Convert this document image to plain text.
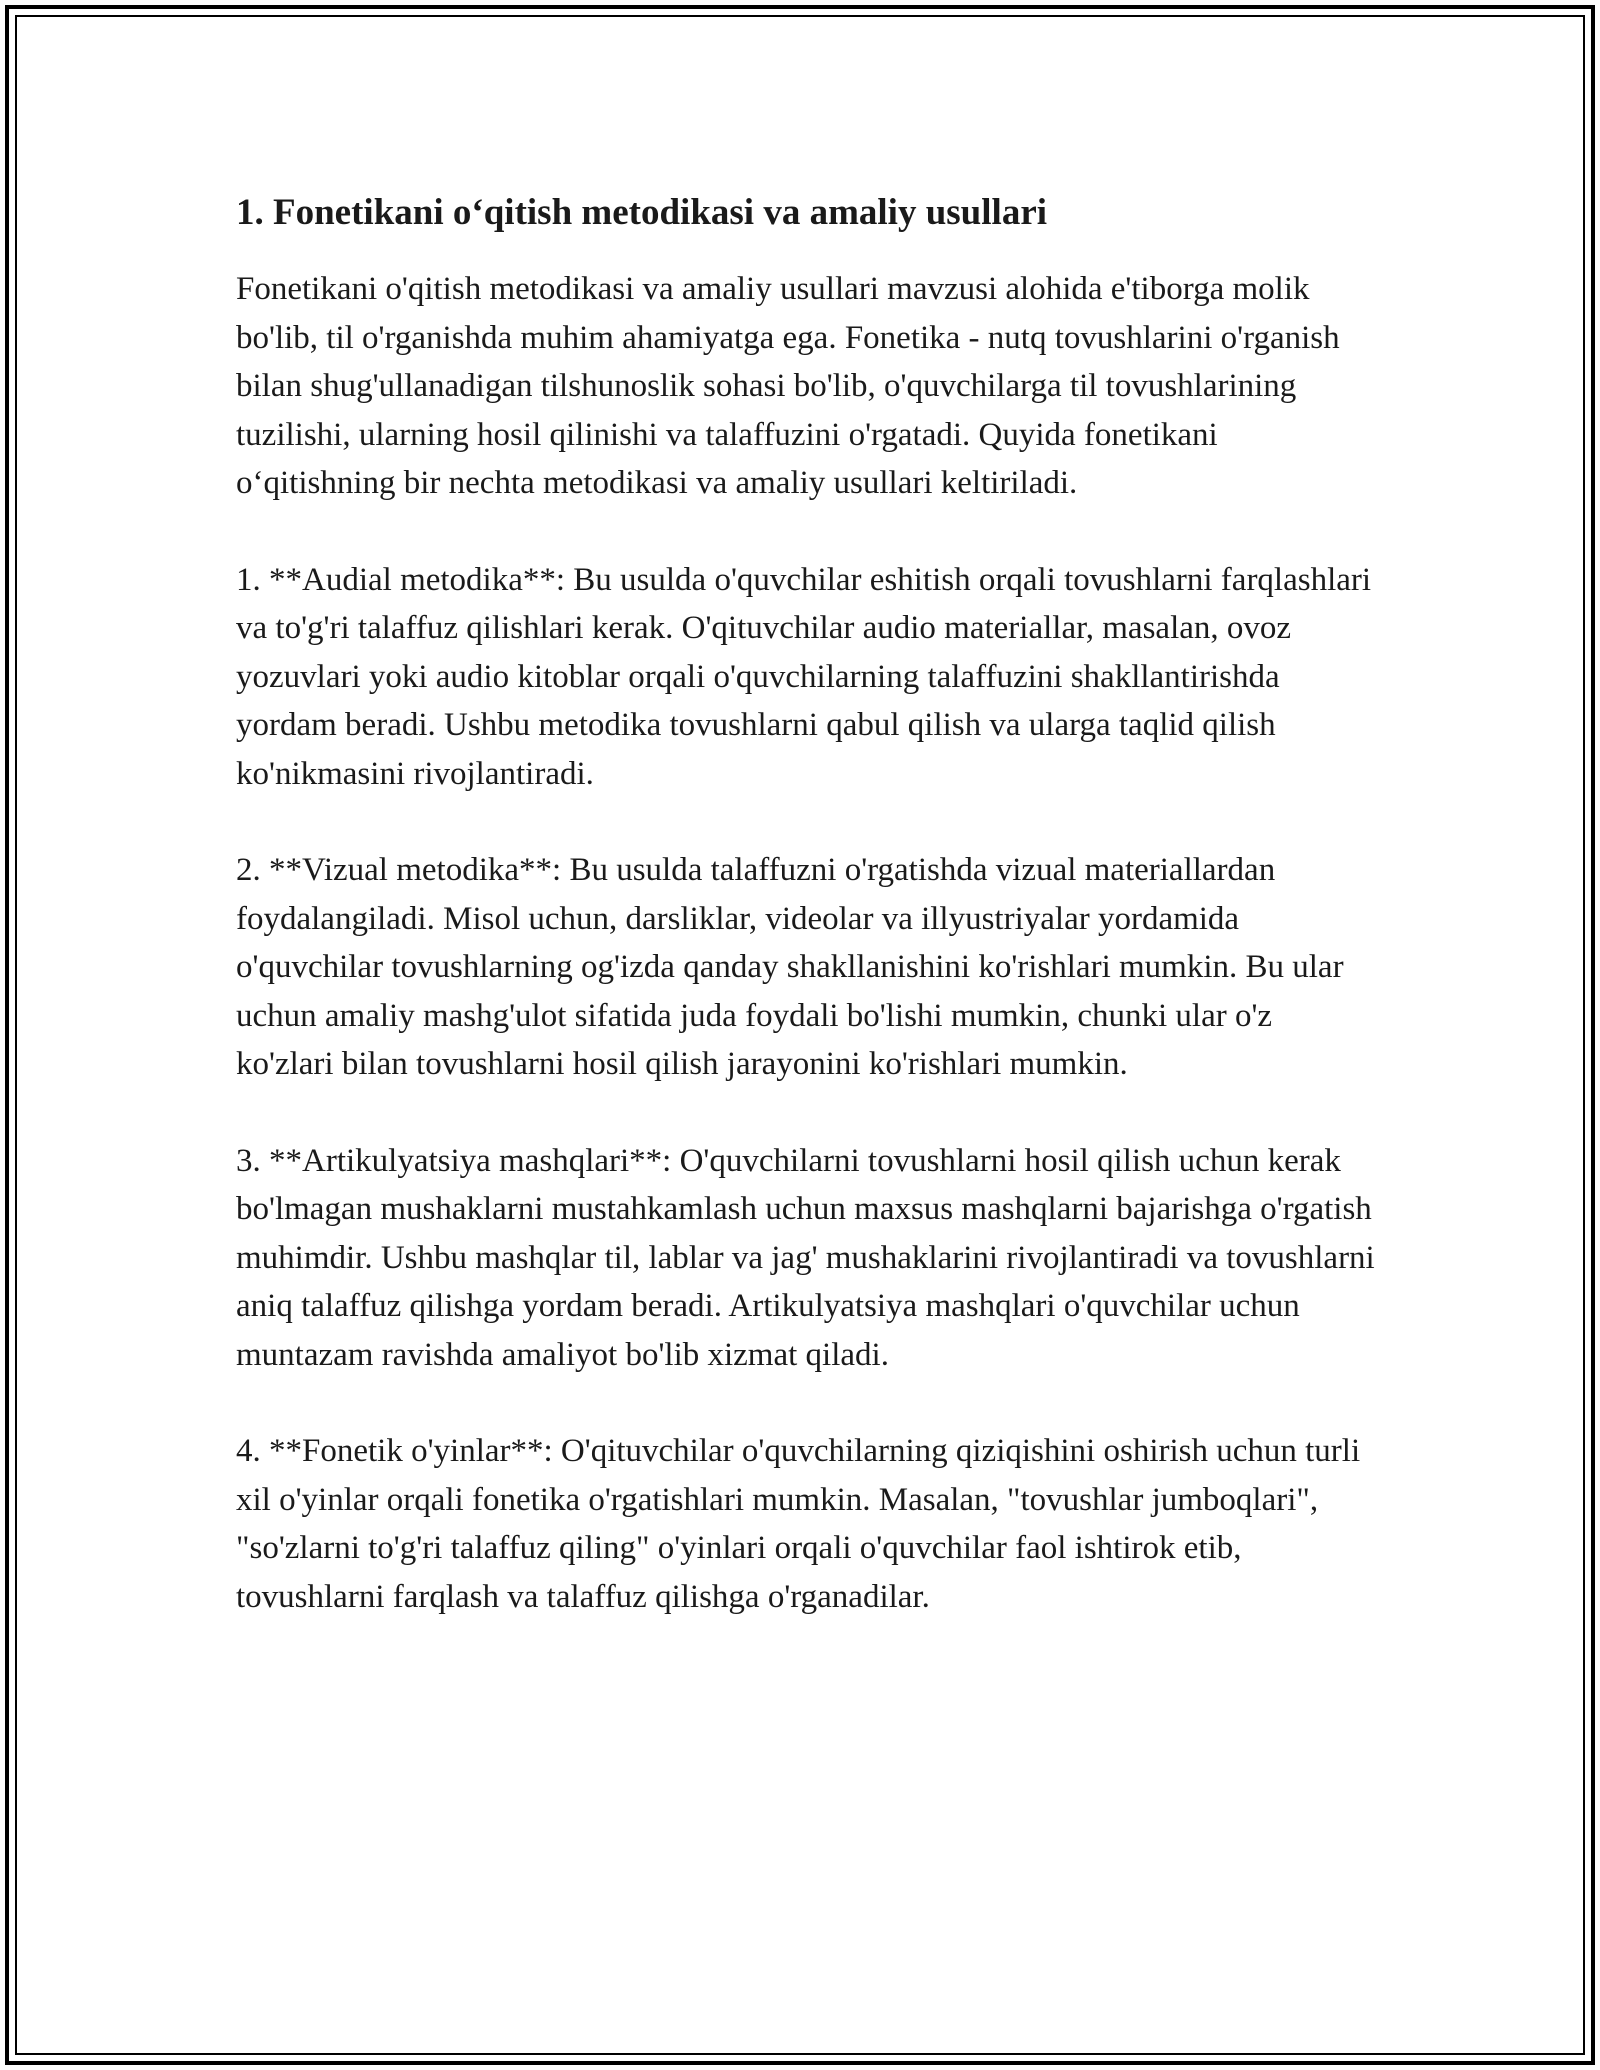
1. Fonetikani o‘qitish metodikasi va amaliy usullari

Fonetikani o'qitish metodikasi va amaliy usullari mavzusi alohida e'tiborga molik bo'lib, til o'rganishda muhim ahamiyatga ega. Fonetika - nutq tovushlarini o'rganish bilan shug'ullanadigan tilshunoslik sohasi bo'lib, o'quvchilarga til tovushlarining tuzilishi, ularning hosil qilinishi va talaffuzini o'rgatadi. Quyida fonetikani o‘qitishning bir nechta metodikasi va amaliy usullari keltiriladi.

1. **Audial metodika**: Bu usulda o'quvchilar eshitish orqali tovushlarni farqlashlari va to'g'ri talaffuz qilishlari kerak. O'qituvchilar audio materiallar, masalan, ovoz yozuvlari yoki audio kitoblar orqali o'quvchilarning talaffuzini shakllantirishda yordam beradi. Ushbu metodika tovushlarni qabul qilish va ularga taqlid qilish ko'nikmasini rivojlantiradi.

2. **Vizual metodika**: Bu usulda talaffuzni o'rgatishda vizual materiallardan foydalangiladi. Misol uchun, darsliklar, videolar va illyustriyalar yordamida o'quvchilar tovushlarning og'izda qanday shakllanishini ko'rishlari mumkin. Bu ular uchun amaliy mashg'ulot sifatida juda foydali bo'lishi mumkin, chunki ular o'z ko'zlari bilan tovushlarni hosil qilish jarayonini ko'rishlari mumkin.

3. **Artikulyatsiya mashqlari**: O'quvchilarni tovushlarni hosil qilish uchun kerak bo'lmagan mushaklarni mustahkamlash uchun maxsus mashqlarni bajarishga o'rgatish muhimdir. Ushbu mashqlar til, lablar va jag' mushaklarini rivojlantiradi va tovushlarni aniq talaffuz qilishga yordam beradi. Artikulyatsiya mashqlari o'quvchilar uchun muntazam ravishda amaliyot bo'lib xizmat qiladi.

4. **Fonetik o'yinlar**: O'qituvchilar o'quvchilarning qiziqishini oshirish uchun turli xil o'yinlar orqali fonetika o'rgatishlari mumkin. Masalan, "tovushlar jumboqlari", "so'zlarni to'g'ri talaffuz qiling" o'yinlari orqali o'quvchilar faol ishtirok etib, tovushlarni farqlash va talaffuz qilishga o'rganadilar.
